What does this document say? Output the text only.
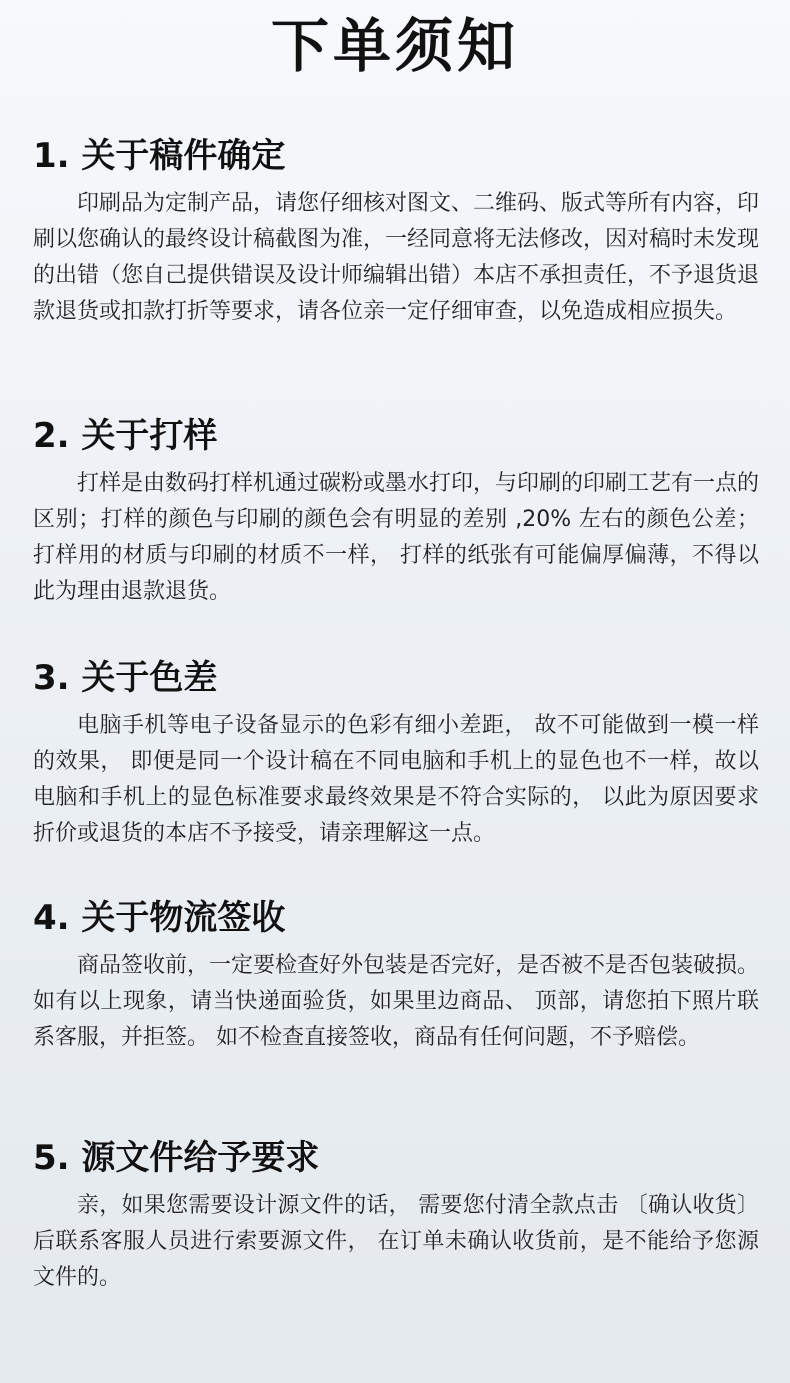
下单须知
1. 关于稿件确定
印刷品为定制产品，请您仔细核对图文、二维码、版式等所有内容，印刷以您确认的最终设计稿截图为准，一经同意将无法修改，因对稿时未发现的出错（您自己提供错误及设计师编辑出错）本店不承担责任，不予退货退款退货或扣款打折等要求，请各位亲一定仔细审查，以免造成相应损失。
2. 关于打样
打样是由数码打样机通过碳粉或墨水打印，与印刷的印刷工艺有一点的区别；打样的颜色与印刷的颜色会有明显的差别 ,20% 左右的颜色公差；打样用的材质与印刷的材质不一样， 打样的纸张有可能偏厚偏薄，不得以此为理由退款退货。
3. 关于色差
电脑手机等电子设备显示的色彩有细小差距， 故不可能做到一模一样的效果， 即便是同一个设计稿在不同电脑和手机上的显色也不一样，故以电脑和手机上的显色标准要求最终效果是不符合实际的， 以此为原因要求折价或退货的本店不予接受，请亲理解这一点。
4. 关于物流签收
商品签收前，一定要检查好外包装是否完好，是否被不是否包装破损。 如有以上现象，请当快递面验货，如果里边商品、 顶部，请您拍下照片联系客服，并拒签。 如不检查直接签收，商品有任何问题，不予赔偿。
5. 源文件给予要求
亲，如果您需要设计源文件的话， 需要您付清全款点击 〔确认收货〕 后联系客服人员进行索要源文件， 在订单未确认收货前，是不能给予您源文件的。
